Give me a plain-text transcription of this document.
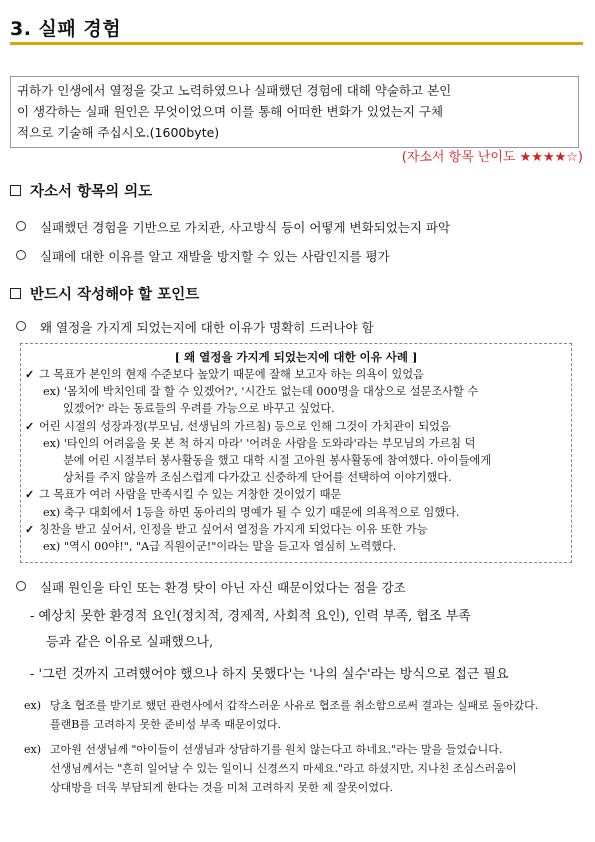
3. 실패 경험
귀하가 인생에서 열정을 갖고 노력하였으나 실패했던 경험에 대해 약술하고 본인
이 생각하는 실패 원인은 무엇이었으며 이를 통해 어떠한 변화가 있었는지 구체
적으로 기술해 주십시오.(1600byte)
(자소서 항목 난이도 ★★★★☆)
자소서 항목의 의도
실패했던 경험을 기반으로 가치관, 사고방식 등이 어떻게 변화되었는지 파악
실패에 대한 이유를 알고 재발을 방지할 수 있는 사람인지를 평가
반드시 작성해야 할 포인트
왜 열정을 가지게 되었는지에 대한 이유가 명확히 드러나야 함
[ 왜 열정을 가지게 되었는지에 대한 이유 사례 ]
✓ 그 목표가 본인의 현재 수준보다 높았기 때문에 잘해 보고자 하는 의욕이 있었음
ex) '몸치에 박치인데 잘 할 수 있겠어?', '시간도 없는데 000명을 대상으로 설문조사할 수
있겠어?' 라는 동료들의 우려를 가능으로 바꾸고 싶었다.
✓ 어린 시절의 성장과정(부모님, 선생님의 가르침) 등으로 인해 그것이 가치관이 되었음
ex) '타인의 어려움을 못 본 척 하지 마라' '어려운 사람을 도와라'라는 부모님의 가르침 덕
분에 어린 시절부터 봉사활동을 했고 대학 시절 고아원 봉사활동에 참여했다. 아이들에게
상처를 주지 않을까 조심스럽게 다가갔고 신중하게 단어를 선택하여 이야기했다.
✓ 그 목표가 여러 사람을 만족시킬 수 있는 거창한 것이었기 때문
ex) 축구 대회에서 1등을 하면 동아리의 명예가 될 수 있기 때문에 의욕적으로 임했다.
✓ 칭찬을 받고 싶어서, 인정을 받고 싶어서 열정을 가지게 되었다는 이유 또한 가능
ex) "역시 00야!", "A급 직원이군!"이라는 말을 듣고자 열심히 노력했다.
실패 원인을 타인 또는 환경 탓이 아닌 자신 때문이었다는 점을 강조
- 예상치 못한 환경적 요인(정치적, 경제적, 사회적 요인), 인력 부족, 협조 부족
등과 같은 이유로 실패했으나,
- '그런 것까지 고려했어야 했으나 하지 못했다'는 '나의 실수'라는 방식으로 접근 필요
ex) 당초 협조를 받기로 했던 관련사에서 갑작스러운 사유로 협조를 취소함으로써 결과는 실패로 돌아갔다.
플랜B를 고려하지 못한 준비성 부족 때문이었다.
ex) 고아원 선생님께 "아이들이 선생님과 상담하기를 원치 않는다고 하네요."라는 말을 들었습니다.
선생님께서는 "흔히 일어날 수 있는 일이니 신경쓰지 마세요."라고 하셨지만, 지나친 조심스러움이
상대방을 더욱 부담되게 한다는 것을 미처 고려하지 못한 제 잘못이었다.
